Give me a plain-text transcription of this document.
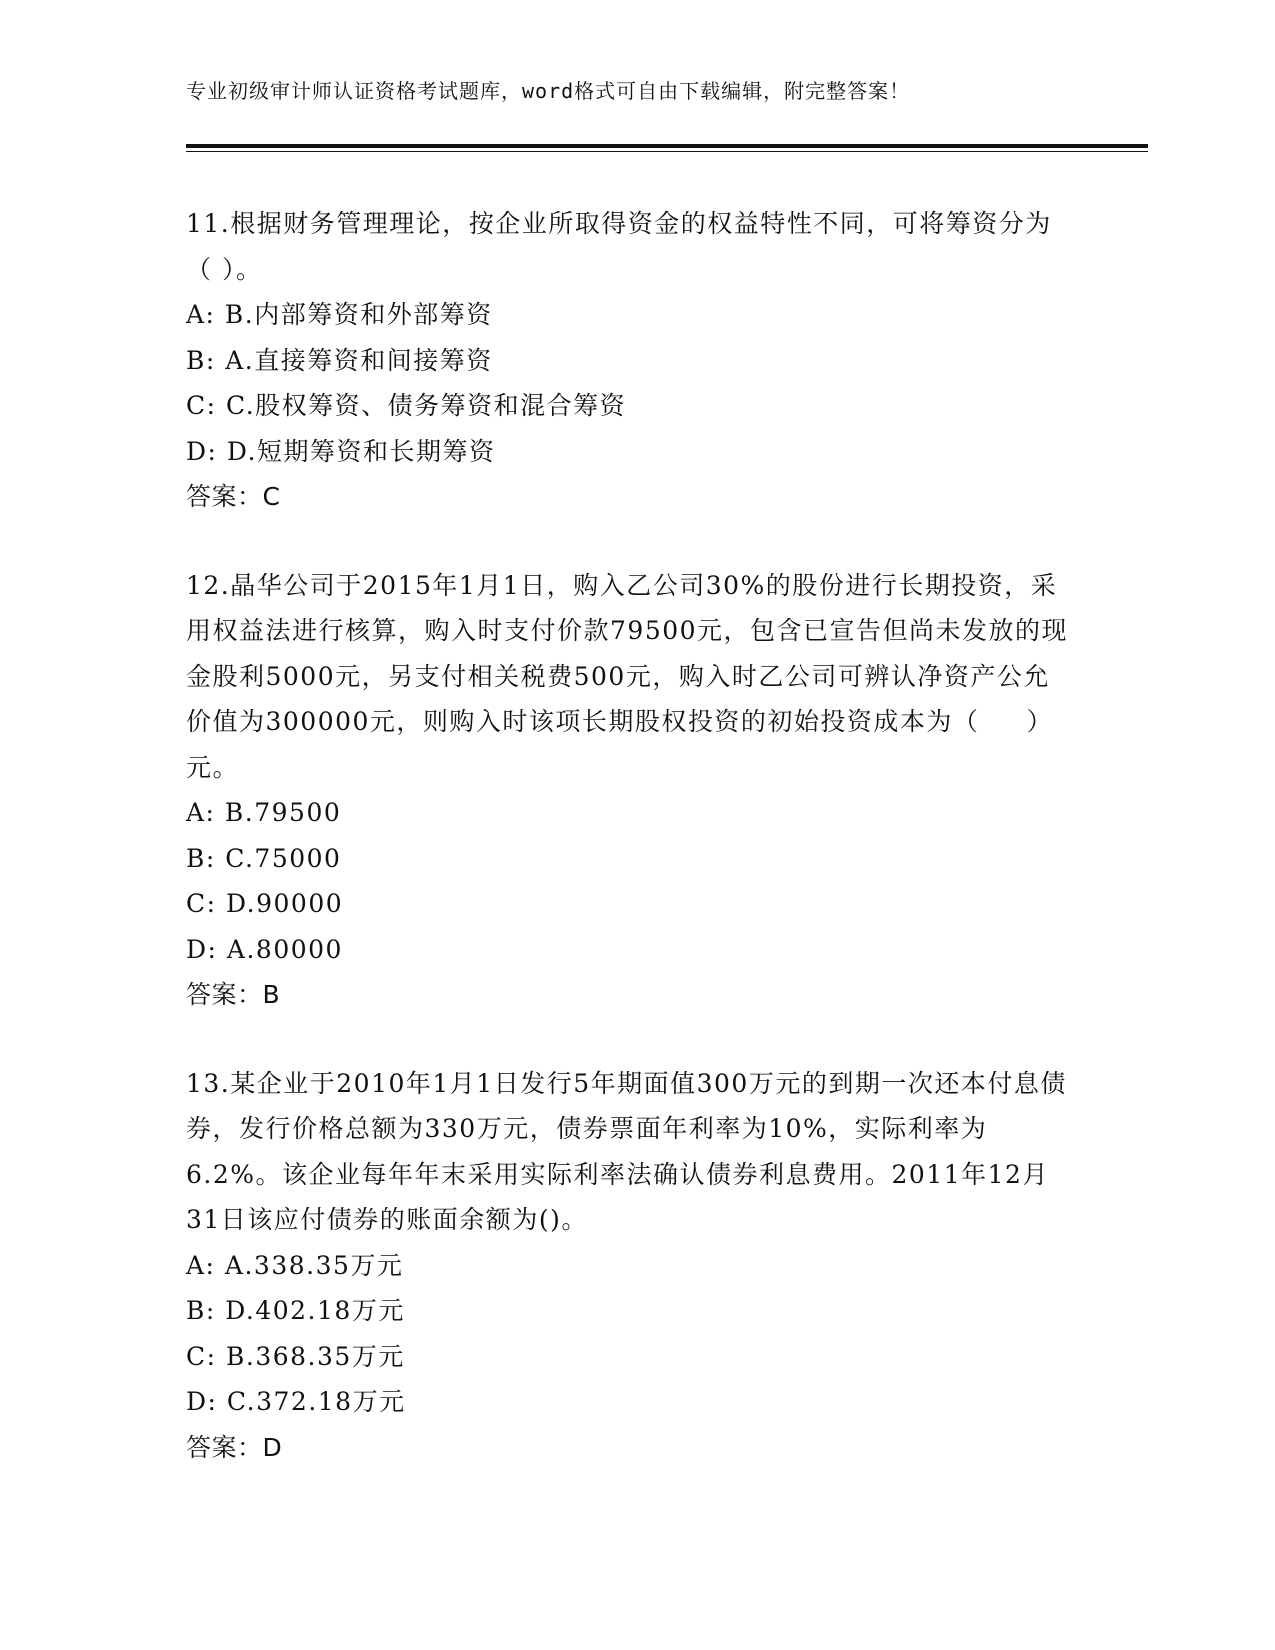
专业初级审计师认证资格考试题库，word格式可自由下载编辑，附完整答案！

11.根据财务管理理论，按企业所取得资金的权益特性不同，可将筹资分为（ ）。

A: B.内部筹资和外部筹资

B: A.直接筹资和间接筹资

C: C.股权筹资、债务筹资和混合筹资

D: D.短期筹资和长期筹资

答案：C

12.晶华公司于2015年1月1日，购入乙公司30%的股份进行长期投资，采用权益法进行核算，购入时支付价款79500元，包含已宣告但尚未发放的现金股利5000元，另支付相关税费500元，购入时乙公司可辨认净资产公允价值为300000元，则购入时该项长期股权投资的初始投资成本为（     ）元。

A: B.79500

B: C.75000

C: D.90000

D: A.80000

答案：B

13.某企业于2010年1月1日发行5年期面值300万元的到期一次还本付息债券，发行价格总额为330万元，债券票面年利率为10%，实际利率为6.2%。该企业每年年末采用实际利率法确认债券利息费用。2011年12月31日该应付债券的账面余额为()。

A: A.338.35万元

B: D.402.18万元

C: B.368.35万元

D: C.372.18万元

答案：D
